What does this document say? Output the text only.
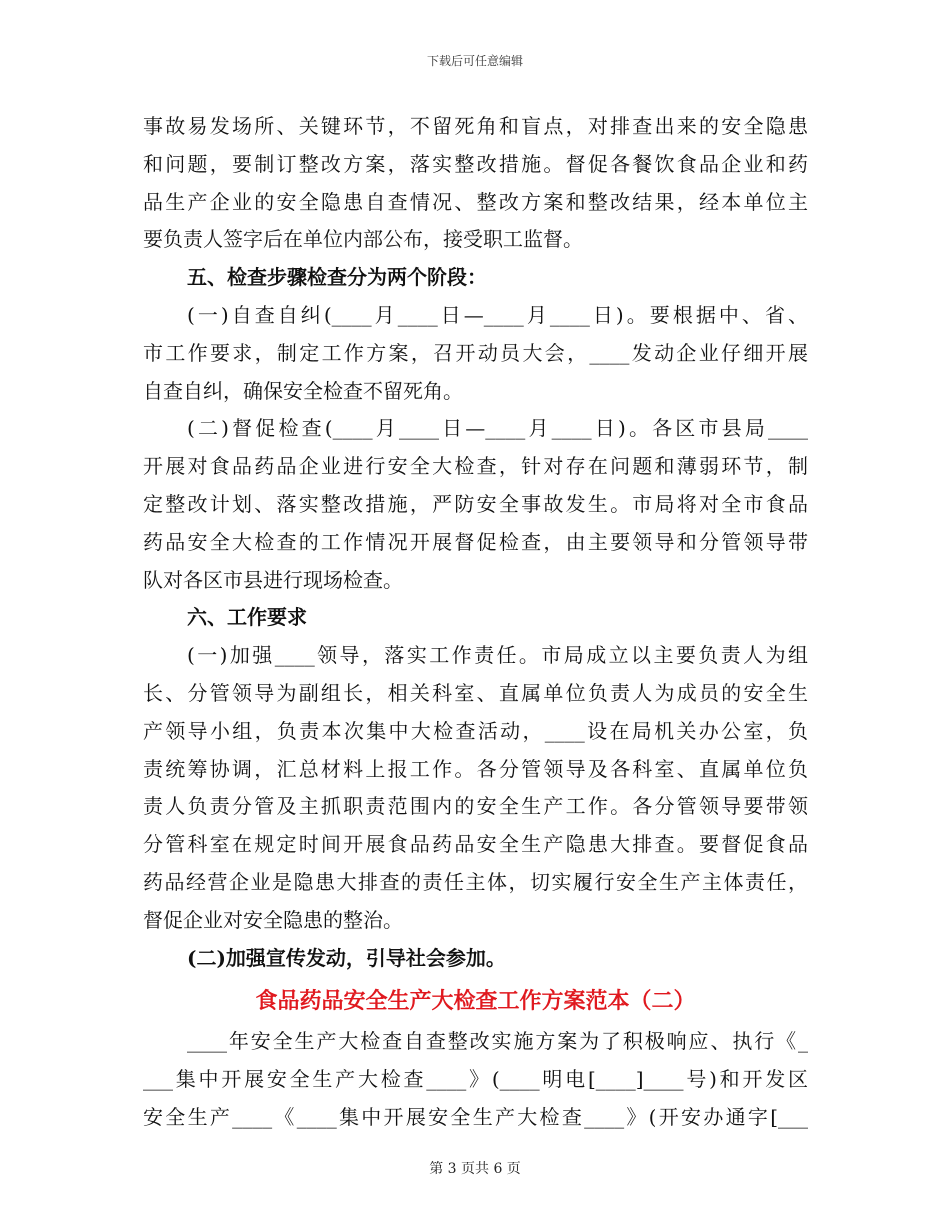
下载后可任意编辑
事故易发场所、关键环节，不留死角和盲点，对排查出来的安全隐患
和问题，要制订整改方案，落实整改措施。督促各餐饮食品企业和药
品生产企业的安全隐患自查情况、整改方案和整改结果，经本单位主
要负责人签字后在单位内部公布，接受职工监督。
五、检查步骤检查分为两个阶段：
(一)自查自纠(____月____日—____月____日)。要根据中、省、
市工作要求，制定工作方案，召开动员大会，____发动企业仔细开展
自查自纠，确保安全检查不留死角。
(二)督促检查(____月____日—____月____日)。各区市县局____
开展对食品药品企业进行安全大检查，针对存在问题和薄弱环节，制
定整改计划、落实整改措施，严防安全事故发生。市局将对全市食品
药品安全大检查的工作情况开展督促检查，由主要领导和分管领导带
队对各区市县进行现场检查。
六、工作要求
(一)加强____领导，落实工作责任。市局成立以主要负责人为组
长、分管领导为副组长，相关科室、直属单位负责人为成员的安全生
产领导小组，负责本次集中大检查活动，____设在局机关办公室，负
责统筹协调，汇总材料上报工作。各分管领导及各科室、直属单位负
责人负责分管及主抓职责范围内的安全生产工作。各分管领导要带领
分管科室在规定时间开展食品药品安全生产隐患大排查。要督促食品
药品经营企业是隐患大排查的责任主体，切实履行安全生产主体责任，
督促企业对安全隐患的整治。
(二)加强宣传发动，引导社会参加。
食品药品安全生产大检查工作方案范本（二）
____年安全生产大检查自查整改实施方案为了积极响应、执行《_
___集中开展安全生产大检查____》(____明电[____]____号)和开发区
安全生产____《____集中开展安全生产大检查____》(开安办通字[___
第 3 页共 6 页
